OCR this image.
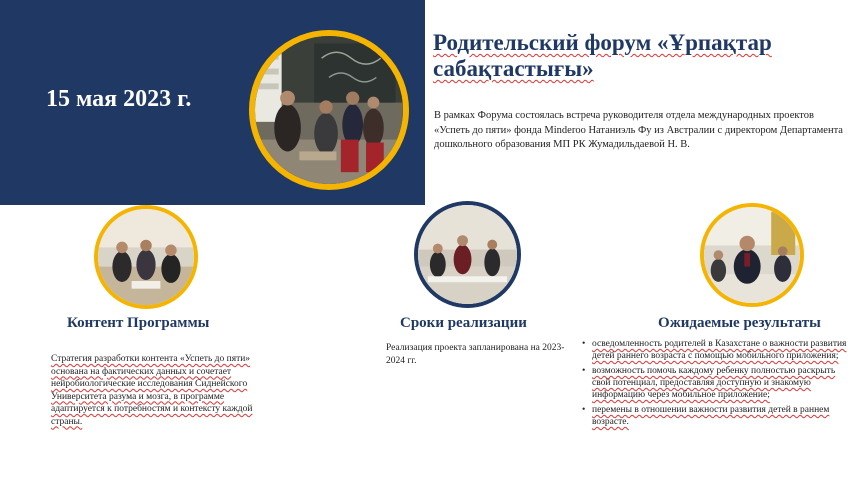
15 мая 2023 г.
Родительский форум «Ұрпақтар сабақтастығы»
В рамках Форума состоялась встреча руководителя отдела международных проектов «Успеть до пяти» фонда Minderoo Натаниэль Фу из Австралии с директором Департамента дошкольного образования МП РК Жумадильдаевой Н. В.
Контент Программы	Сроки реализации	Ожидаемые результаты
Стратегия разработки контента «Успеть до пяти» основана на фактических данных и сочетает нейробиологические исследования Сиднейского Университета разума и мозга, в программе адаптируется к потребностям и контексту каждой страны.
Реализация проекта запланирована на 2023-2024 гг.
• осведомленность родителей в Казахстане о важности развития детей раннего возраста с помощью мобильного приложения;
• возможность помочь каждому ребенку полностью раскрыть свой потенциал, предоставляя доступную и знакомую информацию через мобильное приложение;
• перемены в отношении важности развития детей в раннем возрасте.
